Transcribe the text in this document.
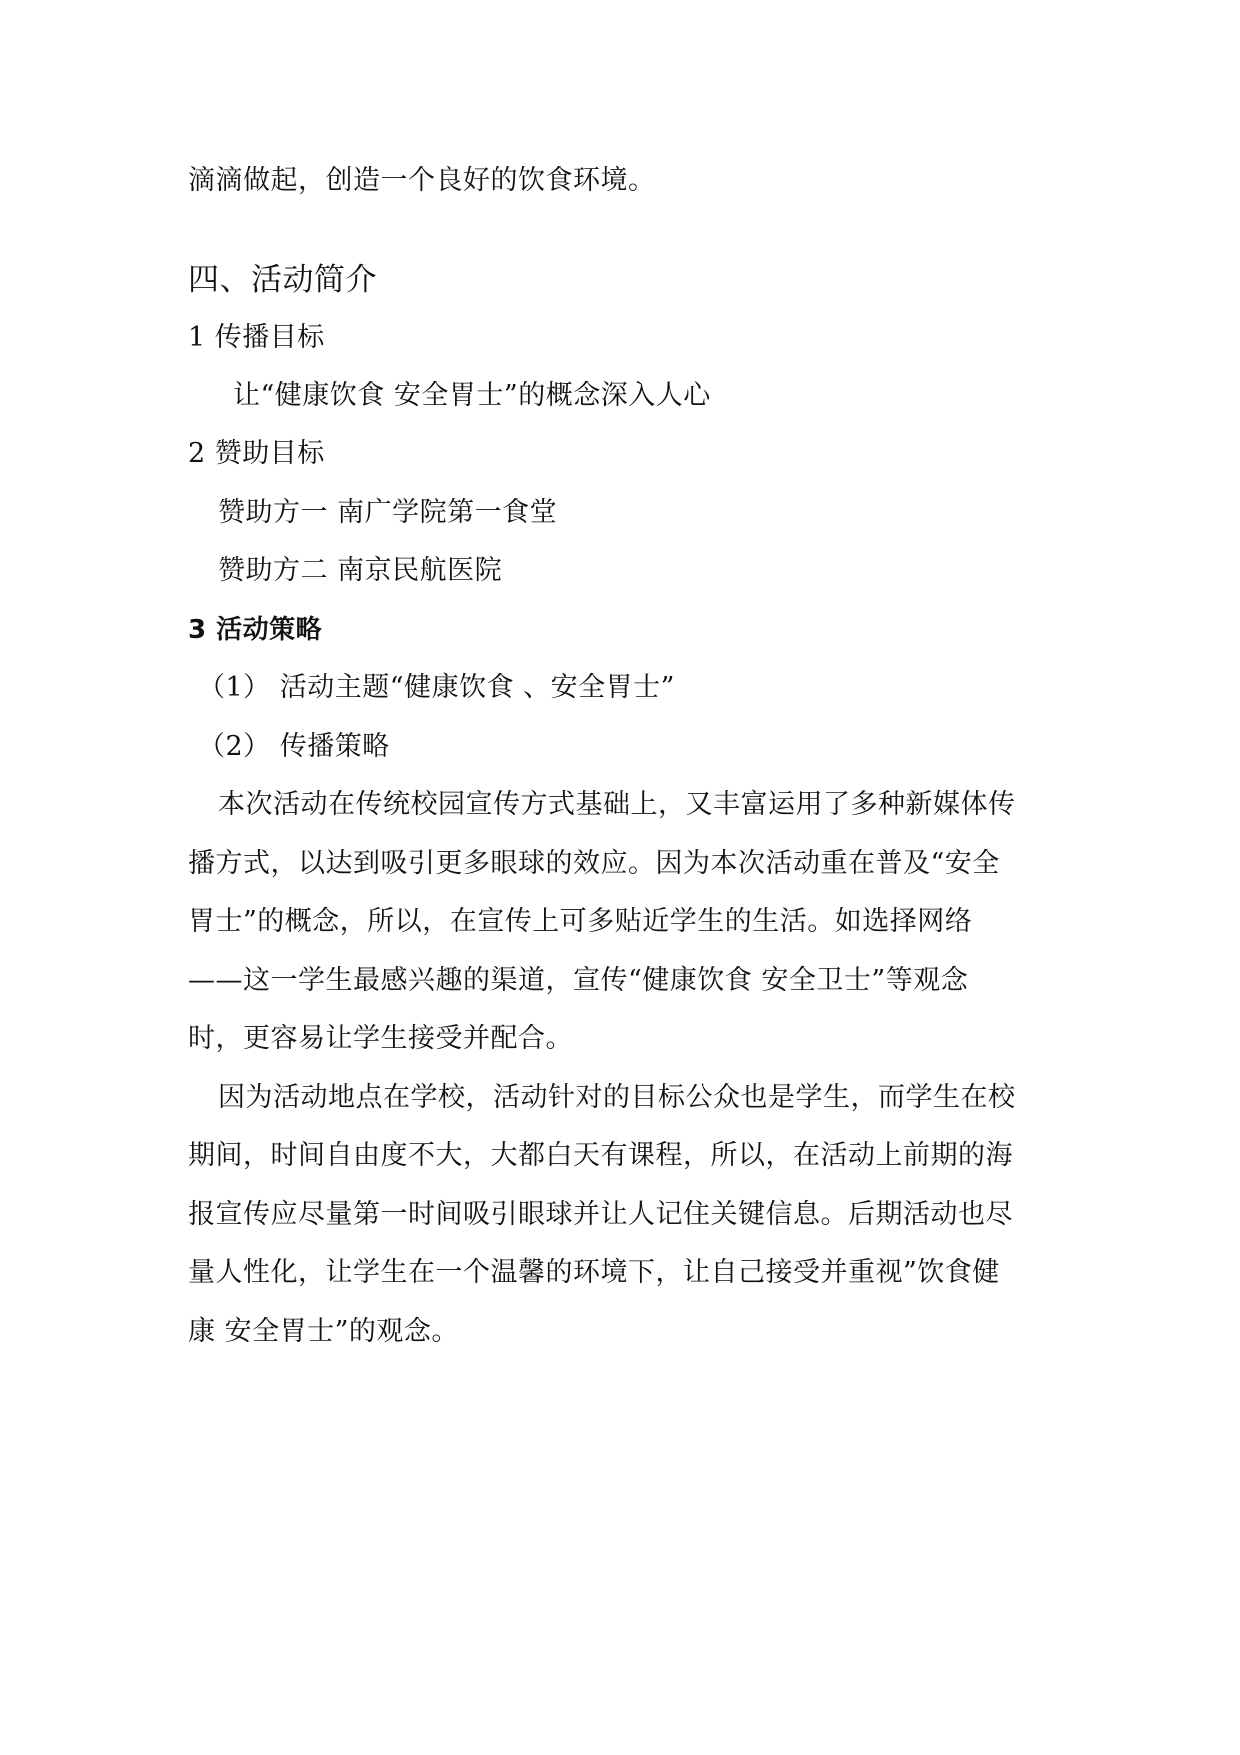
滴滴做起，创造一个良好的饮食环境。
四、活动简介
1 传播目标
让“健康饮食 安全胃士”的概念深入人心
2 赞助目标
赞助方一 南广学院第一食堂
赞助方二 南京民航医院
3 活动策略
（1） 活动主题“健康饮食 、安全胃士”
（2） 传播策略
本次活动在传统校园宣传方式基础上，又丰富运用了多种新媒体传
播方式，以达到吸引更多眼球的效应。因为本次活动重在普及“安全
胃士”的概念，所以，在宣传上可多贴近学生的生活。如选择网络
——这一学生最感兴趣的渠道，宣传“健康饮食 安全卫士”等观念
时，更容易让学生接受并配合。
因为活动地点在学校，活动针对的目标公众也是学生，而学生在校
期间，时间自由度不大，大都白天有课程，所以，在活动上前期的海
报宣传应尽量第一时间吸引眼球并让人记住关键信息。后期活动也尽
量人性化，让学生在一个温馨的环境下，让自己接受并重视”饮食健
康 安全胃士”的观念。
